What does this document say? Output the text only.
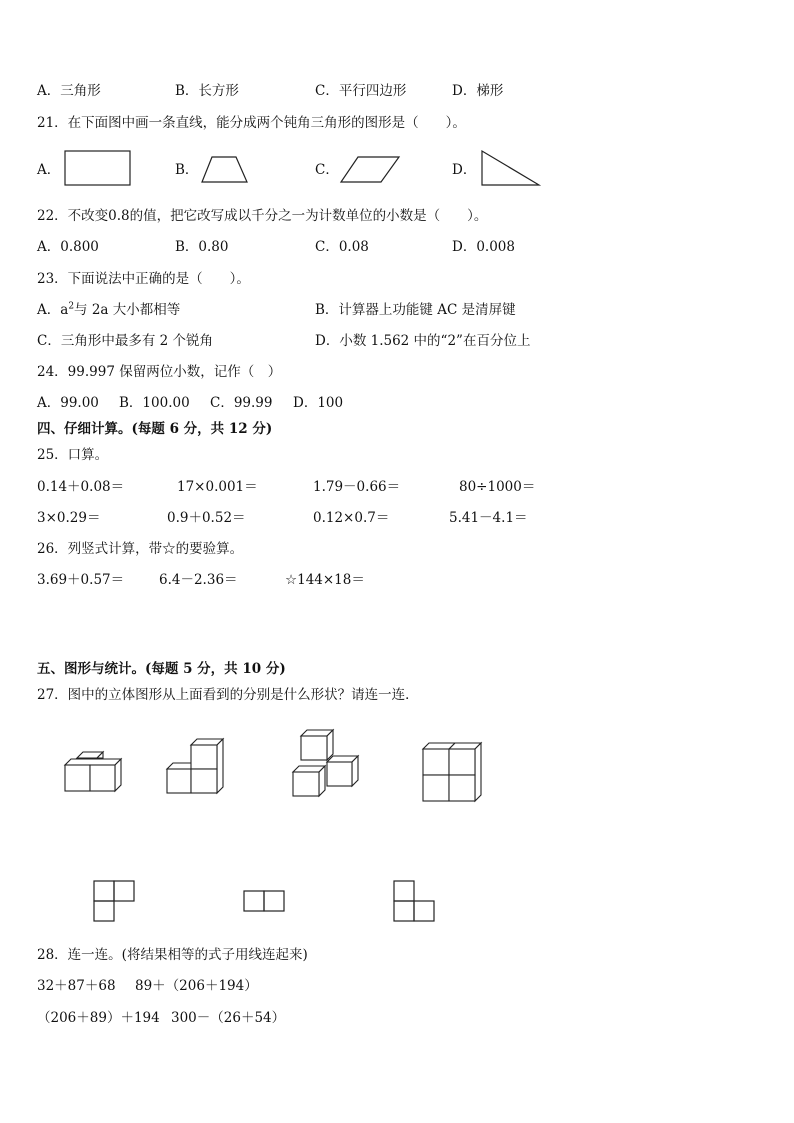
A．三角形	B．长方形	C．平行四边形	D．梯形
21．在下面图中画一条直线，能分成两个钝角三角形的图形是（　　）。
A．	B．	C．	D．
22．不改变0.8的值，把它改写成以千分之一为计数单位的小数是（　　）。
A．0.800	B．0.80	C．0.08	D．0.008
23．下面说法中正确的是（　　）。
A．$a^2$与 2a 大小都相等	B．计算器上功能键 AC 是清屏键
C．三角形中最多有 2 个锐角	D．小数 1.562 中的“2”在百分位上
24．99.997 保留两位小数，记作（　）
A．99.00 B．100.00 C．99.99 D．100
四、仔细计算。(每题 6 分，共 12 分)
25．口算。
0.14＋0.08＝	17×0.001＝	1.79－0.66＝	80÷1000＝
3×0.29＝	0.9＋0.52＝	0.12×0.7＝	5.41－4.1＝
26．列竖式计算，带☆的要验算。
3.69＋0.57＝	6.4－2.36＝	☆144×18＝
五、图形与统计。(每题 5 分，共 10 分)
27．图中的立体图形从上面看到的分别是什么形状？请连一连．
28．连一连。(将结果相等的式子用线连起来)
32＋87＋68 89＋（206＋194）
（206＋89）＋194 300－（26＋54）
